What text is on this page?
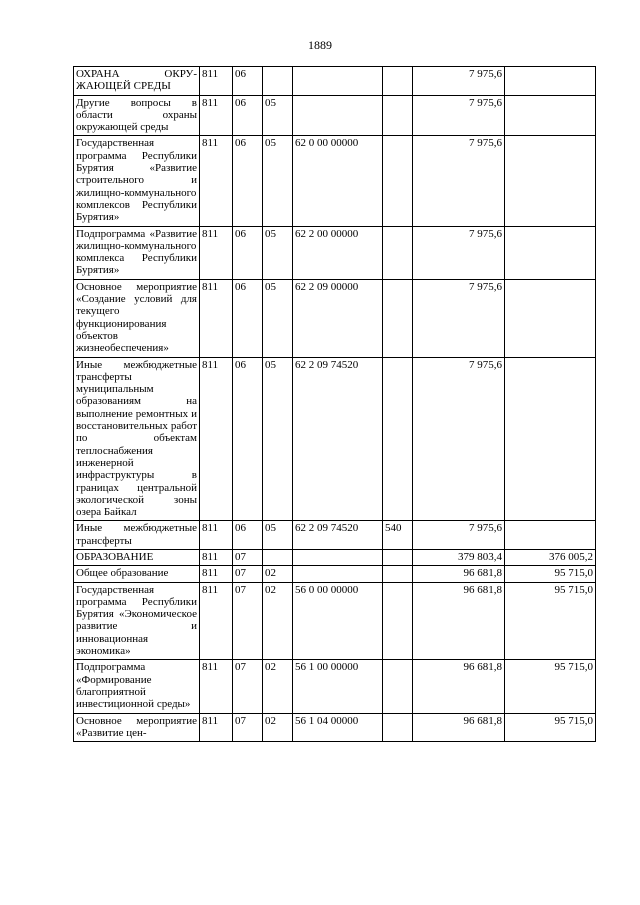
1889
ОХРАНА ОКРУ-ЖАЮЩЕЙ СРЕДЫ	811	06				7 975,6	
Другие вопросы в области охраны окружающей среды	811	06	05			7 975,6	
Государственная программа Республики Бурятия «Развитие строительного и жилищно-коммунального комплексов Республики Бурятия»	811	06	05	62 0 00 00000		7 975,6	
Подпрограмма «Развитие жилищно-коммунального комплекса Республики Бурятия»	811	06	05	62 2 00 00000		7 975,6	
Основное мероприятие «Создание условий для текущего функционирования объектов жизнеобеспечения»	811	06	05	62 2 09 00000		7 975,6	
Иные межбюджетные трансферты муниципальным образованиям на выполнение ремонтных и восстановительных работ по объектам теплоснабжения инженерной инфраструктуры в границах центральной экологической зоны озера Байкал	811	06	05	62 2 09 74520		7 975,6	
Иные межбюджетные трансферты	811	06	05	62 2 09 74520	540	7 975,6	
ОБРАЗОВАНИЕ	811	07				379 803,4	376 005,2
Общее образование	811	07	02			96 681,8	95 715,0
Государственная программа Республики Бурятия «Экономическое развитие и инновационная экономика»	811	07	02	56 0 00 00000		96 681,8	95 715,0
Подпрограмма «Формирование благоприятной инвестиционной среды»	811	07	02	56 1 00 00000		96 681,8	95 715,0
Основное мероприятие «Развитие цен-	811	07	02	56 1 04 00000		96 681,8	95 715,0
